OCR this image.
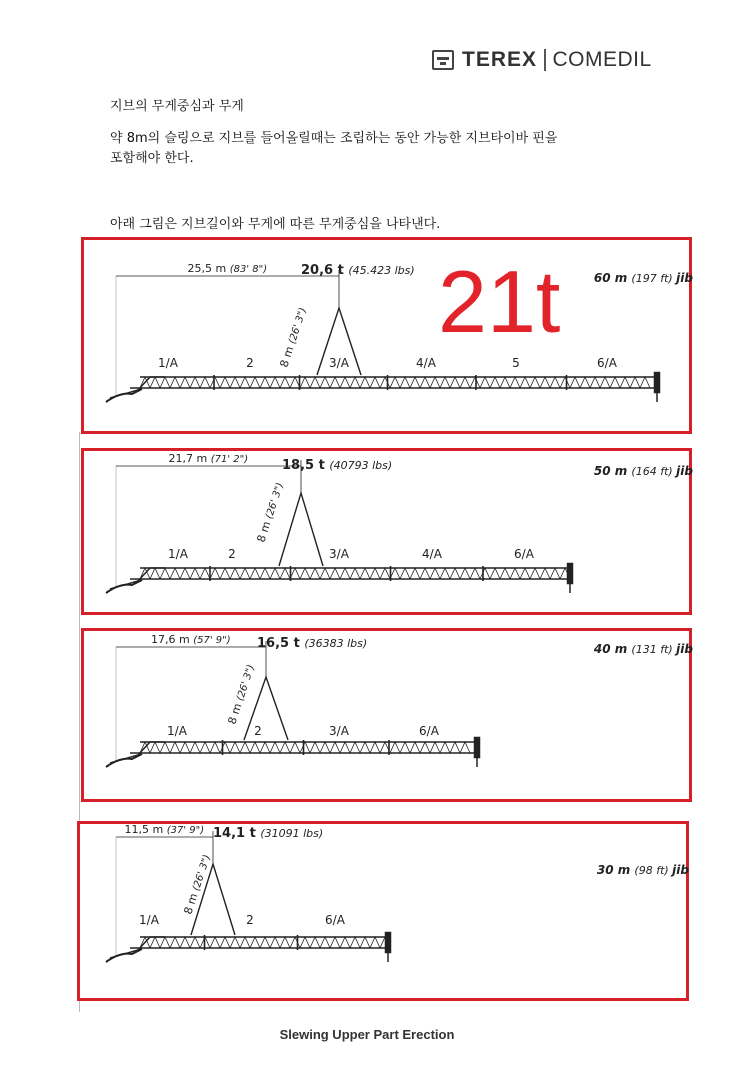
TEREX COMEDIL
지브의 무게중심과 무게
약 8m의 슬링으로 지브를 들어올릴때는 조립하는 동안 가능한 지브타이바 핀을
포함해야 한다.
아래 그림은 지브길이와 무게에 따른 무게중심을 나타낸다.
25,5 m (83' 8")	20,6 t (45.423 lbs)
8 m (26' 3")
60 m (197 ft) jib
1/A	2	3/A	4/A	5	6/A
21,7 m (71' 2")	18,5 t (40793 lbs)
8 m (26' 3")
50 m (164 ft) jib
1/A	2	3/A	4/A	6/A
17,6 m (57' 9") 16,5 t (36383 lbs)
8 m (26' 3")
40 m (131 ft) jib
1/A	2	3/A	6/A
11,5 m (37' 9") 14,1 t (31091 lbs)
8 m (26' 3")	30 m (98 ft) jib
1/A	2	6/A
21t
Slewing Upper Part Erection
